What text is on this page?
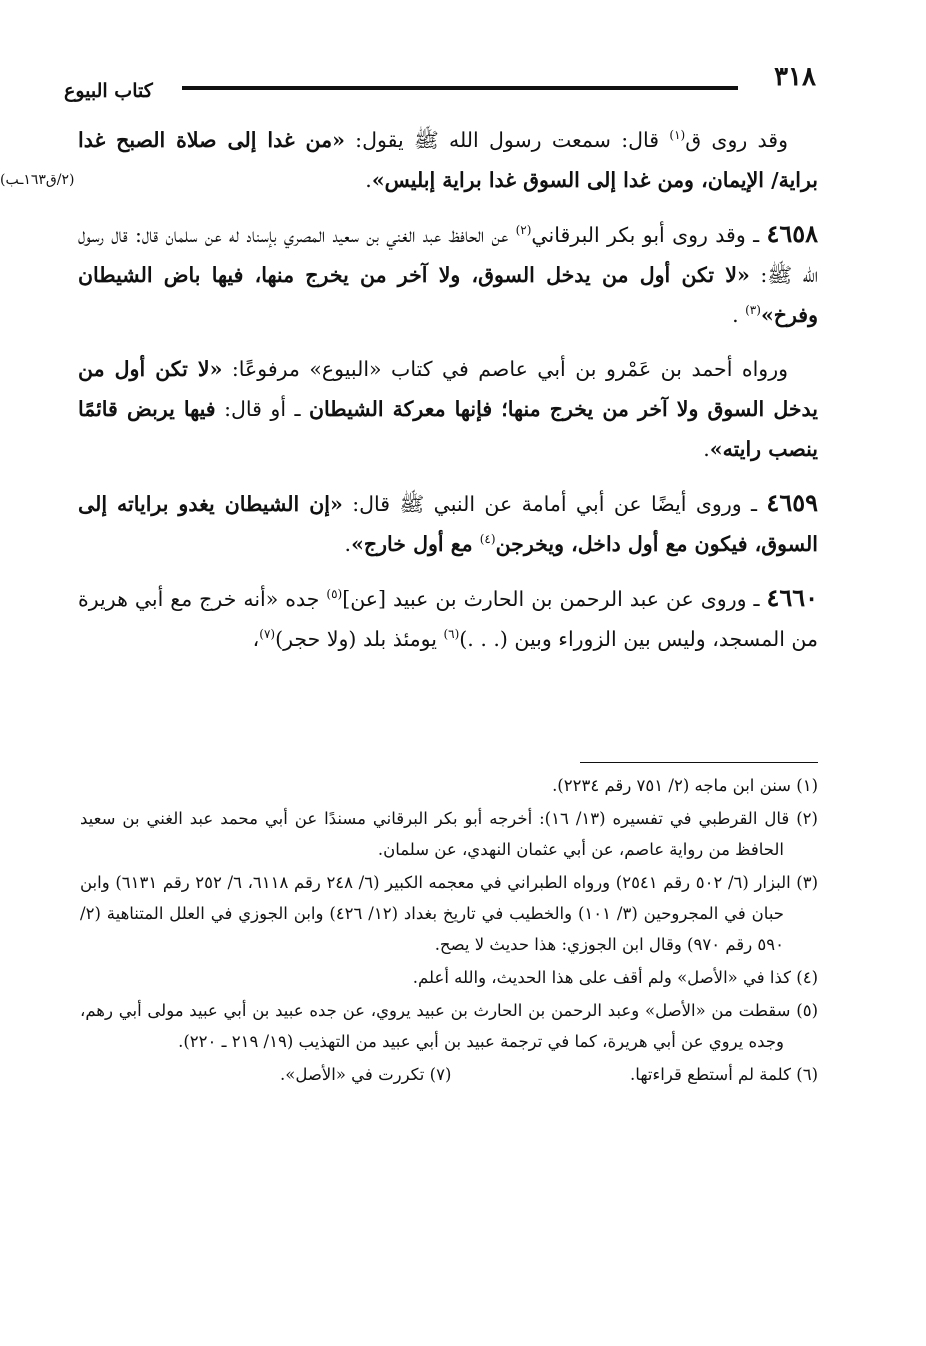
٣١٨
كتاب البيوع
(٢/ق١٦٣ـب)

وقد روى ق$^{(١)}$ قال: سمعت رسول الله ﷺ يقول: «من غدا إلى صلاة الصبح غدا براية/ الإيمان، ومن غدا إلى السوق غدا براية إبليس».

٤٦٥٨ ـ وقد روى أبو بكر البرقاني$^{(٢)}$ عن الحافظ عبد الغني بن سعيد المصري بإسناد له عن سلمان قال: قال رسول الله ﷺ: «لا تكن أول من يدخل السوق، ولا آخر من يخرج منها، فيها باض الشيطان وفرخ»$^{(٣)}$ .

ورواه أحمد بن عَمْرو بن أبي عاصم في كتاب «البيوع» مرفوعًا: «لا تكن أول من يدخل السوق ولا آخر من يخرج منها؛ فإنها معركة الشيطان ـ أو قال: فيها يربض قائمًا ينصب رايته».

٤٦٥٩ ـ وروى أيضًا عن أبي أمامة عن النبي ﷺ قال: «إن الشيطان يغدو براياته إلى السوق، فيكون مع أول داخل، ويخرجن$^{(٤)}$ مع أول خارج».

٤٦٦٠ ـ وروى عن عبد الرحمن بن الحارث بن عبيد [عن]$^{(٥)}$ جده «أنه خرج مع أبي هريرة من المسجد، وليس بين الزوراء وبين (. . .)$^{(٦)}$ يومئذ بلد (ولا حجر)$^{(٧)}$،

(١) سنن ابن ماجه (٢/ ٧٥١ رقم ٢٢٣٤).

(٢) قال القرطبي في تفسيره (١٣/ ١٦): أخرجه أبو بكر البرقاني مسندًا عن أبي محمد عبد الغني بن سعيد الحافظ من رواية عاصم، عن أبي عثمان النهدي، عن سلمان.

(٣) البزار (٦/ ٥٠٢ رقم ٢٥٤١) ورواه الطبراني في معجمه الكبير (٦/ ٢٤٨ رقم ٦١١٨، ٦/ ٢٥٢ رقم ٦١٣١) وابن حبان في المجروحين (٣/ ١٠١) والخطيب في تاريخ بغداد (١٢/ ٤٢٦) وابن الجوزي في العلل المتناهية (٢/ ٥٩٠ رقم ٩٧٠) وقال ابن الجوزي: هذا حديث لا يصح.

(٤) كذا في «الأصل» ولم أقف على هذا الحديث، والله أعلم.

(٥) سقطت من «الأصل» وعبد الرحمن بن الحارث بن عبيد يروي، عن جده عبيد بن أبي عبيد مولى أبي رهم، وجده يروي عن أبي هريرة، كما في ترجمة عبيد بن أبي عبيد من التهذيب (١٩/ ٢١٩ ـ ٢٢٠).

(٦) كلمة لم أستطع قراءتها.
(٧) تكررت في «الأصل».
